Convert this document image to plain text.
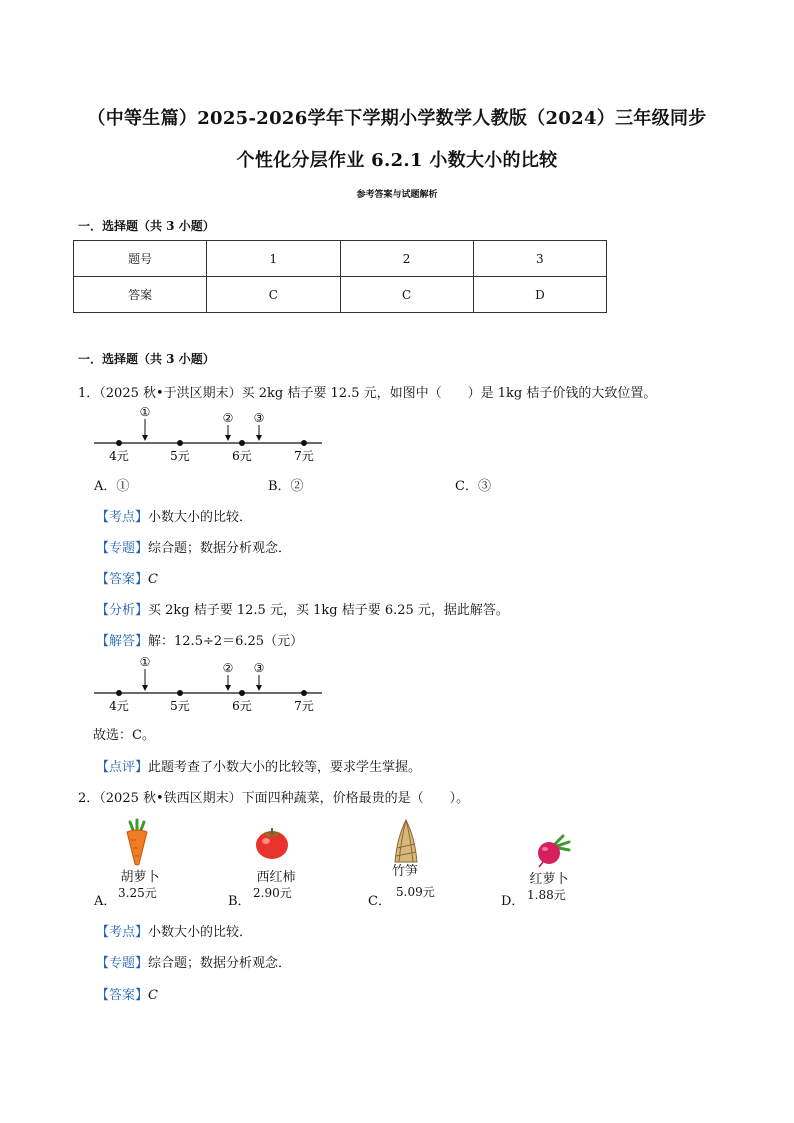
（中等生篇）2025-2026学年下学期小学数学人教版（2024）三年级同步
个性化分层作业 6.2.1 小数大小的比较
参考答案与试题解析
一．选择题（共 3 小题）
题号	1	2	3
答案	C	C	D
一．选择题（共 3 小题）
1．（2025 秋•于洪区期末）买 2kg 桔子要 12.5 元，如图中（　　）是 1kg 桔子价钱的大致位置。
①	② ③
4元	5元	6元	7元
A．①	B．②	C．③
【考点】小数大小的比较．
【专题】综合题；数据分析观念．
【答案】C
【分析】买 2kg 桔子要 12.5 元，买 1kg 桔子要 6.25 元，据此解答。
【解答】解：12.5÷2＝6.25（元）
①	② ③
4元	5元	6元	7元
故选：C。
【点评】此题考查了小数大小的比较等，要求学生掌握。
2．（2025 秋•铁西区期末）下面四种蔬菜，价格最贵的是（　　）。
胡萝卜
A．
3.25元
西红柿
B．
2.90元
竹笋
C．
5.09元
红萝卜
D． 1.88元
【考点】小数大小的比较．
【专题】综合题；数据分析观念．
【答案】C
